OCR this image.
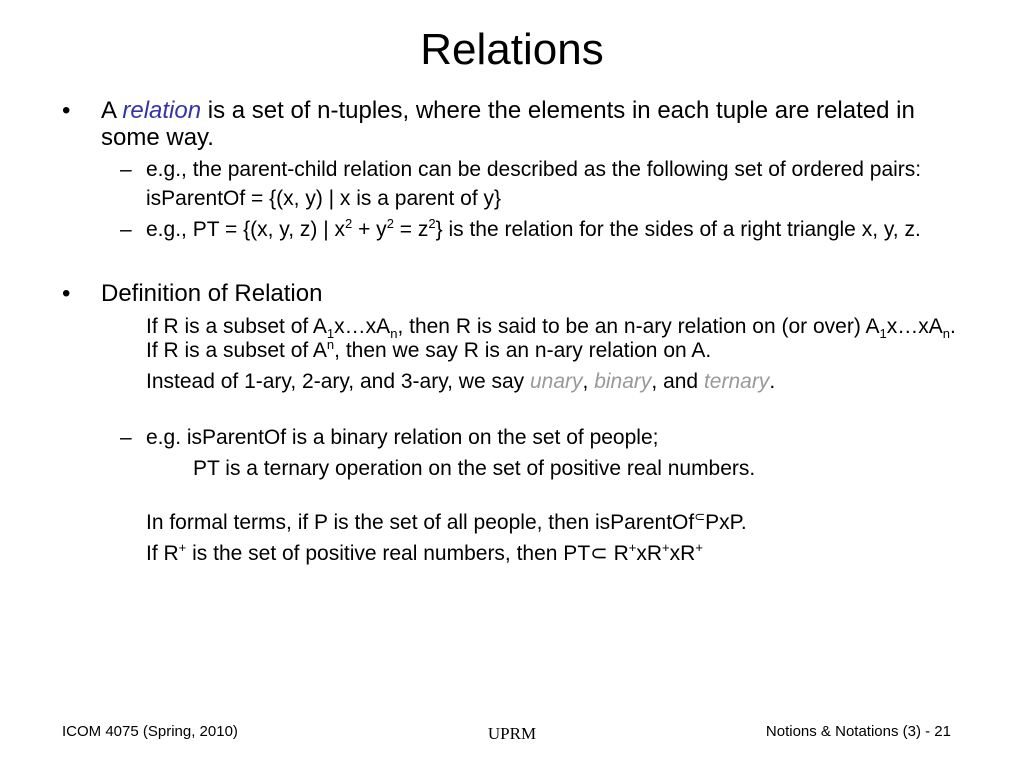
Relations
• A relation is a set of n-tuples, where the elements in each tuple are related in some way.
– e.g., the parent-child relation can be described as the following set of ordered pairs:
isParentOf = {(x, y) | x is a parent of y}
– e.g., PT = {(x, y, z) | $x^2 + y^2 = z^2$} is the relation for the sides of a right triangle x, y, z.
• Definition of Relation
If R is a subset of $A_1x\dots xA_n$, then R is said to be an n-ary relation on (or over) $A_1x\dots xA_n$. If R is a subset of $A^n$, then we say R is an n-ary relation on A.
Instead of 1-ary, 2-ary, and 3-ary, we say unary, binary, and ternary.
– e.g. isParentOf is a binary relation on the set of people;
PT is a ternary operation on the set of positive real numbers.
In formal terms, if P is the set of all people, then isParentOf⊂PxP.
If R+ is the set of positive real numbers, then PT⊂ R+xR+xR+
ICOM 4075 (Spring, 2010)	UPRM	Notions & Notations (3) - 21
